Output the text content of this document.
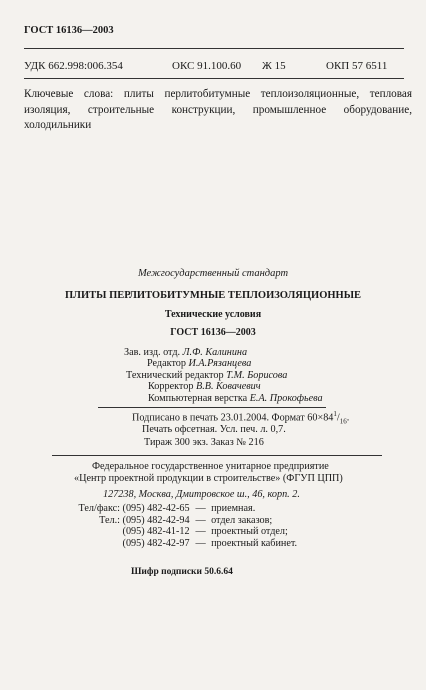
ГОСТ 16136—2003
УДК 662.998:006.354	ОКС 91.100.60 Ж 15	ОКП 57 6511
Ключевые слова: плиты перлитобитумные теплоизоляционные, тепловая изоляция, строительные конструкции, промышленное оборудование, холодильники
Межгосударственный стандарт
ПЛИТЫ ПЕРЛИТОБИТУМНЫЕ ТЕПЛОИЗОЛЯЦИОННЫЕ
Технические условия
ГОСТ 16136—2003
Зав. изд. отд. Л.Ф. Калинина
Редактор И.А.Рязанцева
Технический редактор Т.М. Борисова
Корректор В.В. Ковачевич
Компьютерная верстка Е.А. Прокофьева
Подписано в печать 23.01.2004. Формат $60\times 84^1/_{16}$.
Печать офсетная. Усл. печ. л. 0,7.
Тираж 300 экз. Заказ № 216
Федеральное государственное унитарное предприятие
«Центр проектной продукции в строительстве» (ФГУП ЦПП)
127238, Москва, Дмитровское ш., 46, корп. 2.
Тел/факс: (095) 482-42-65 — приемная.
Тел.: (095) 482-42-94 — отдел заказов;
(095) 482-41-12 — проектный отдел;
(095) 482-42-97 — проектный кабинет.
Шифр подписки 50.6.64
